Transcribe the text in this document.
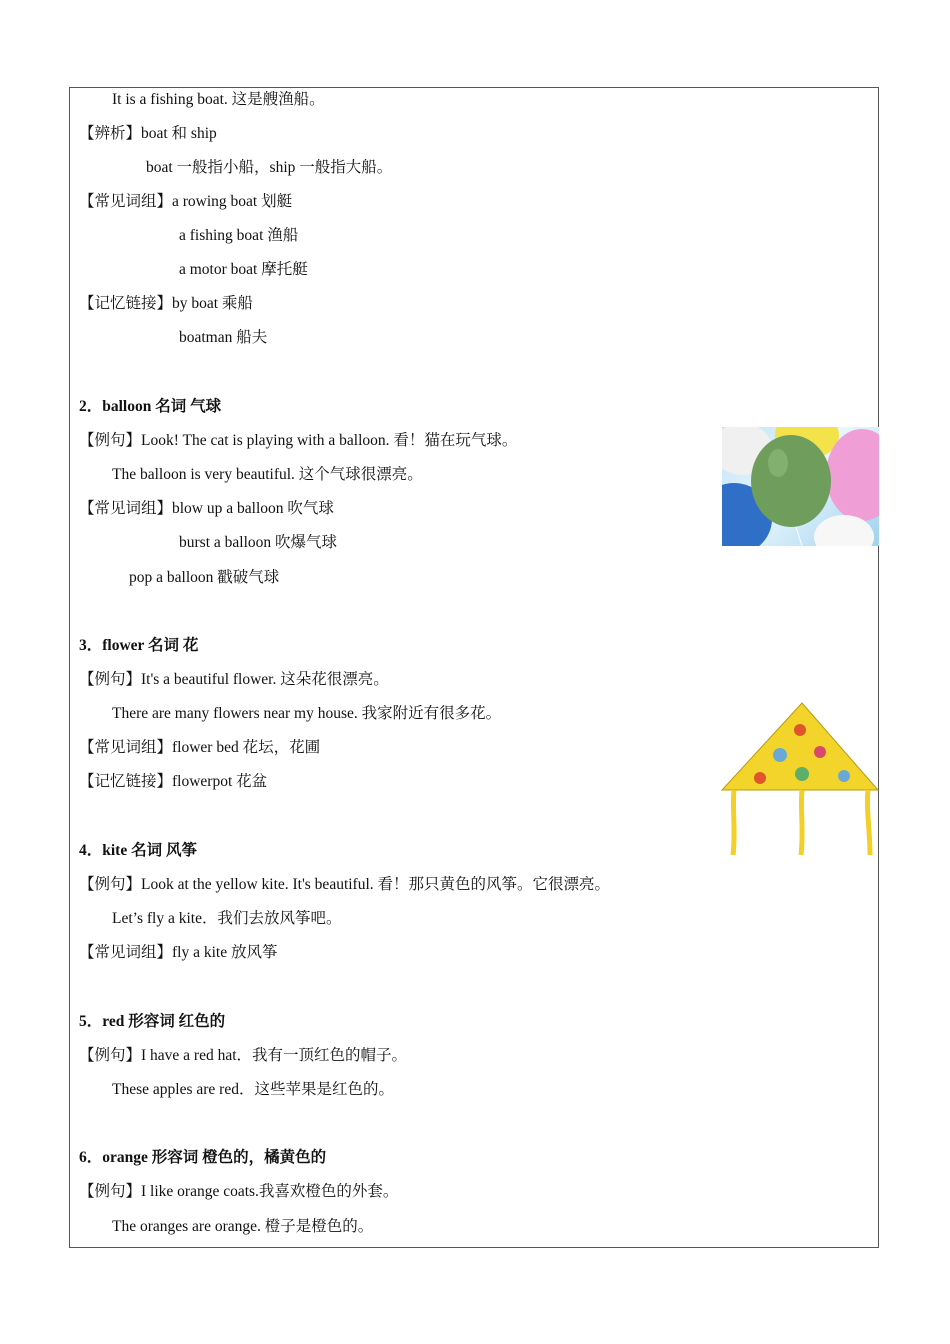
It is a fishing boat. 这是艘渔船。
【辨析】boat 和 ship
boat 一般指小船，ship 一般指大船。
【常见词组】a rowing boat 划艇
a fishing boat 渔船
a motor boat 摩托艇
【记忆链接】by boat 乘船
boatman 船夫
2．balloon 名词 气球
【例句】Look! The cat is playing with a balloon. 看！猫在玩气球。
The balloon is very beautiful. 这个气球很漂亮。
【常见词组】blow up a balloon 吹气球
burst a balloon 吹爆气球
pop a balloon 戳破气球
3．flower 名词 花
【例句】It's a beautiful flower. 这朵花很漂亮。
There are many flowers near my house. 我家附近有很多花。
【常见词组】flower bed 花坛，花圃
【记忆链接】flowerpot 花盆
4．kite 名词 风筝
【例句】Look at the yellow kite. It's beautiful. 看！那只黄色的风筝。它很漂亮。
Let’s fly a kite．我们去放风筝吧。
【常见词组】fly a kite 放风筝
5．red 形容词 红色的
【例句】I have a red hat．我有一顶红色的帽子。
These apples are red．这些苹果是红色的。
6．orange 形容词 橙色的，橘黄色的
【例句】I like orange coats.我喜欢橙色的外套。
The oranges are orange. 橙子是橙色的。
